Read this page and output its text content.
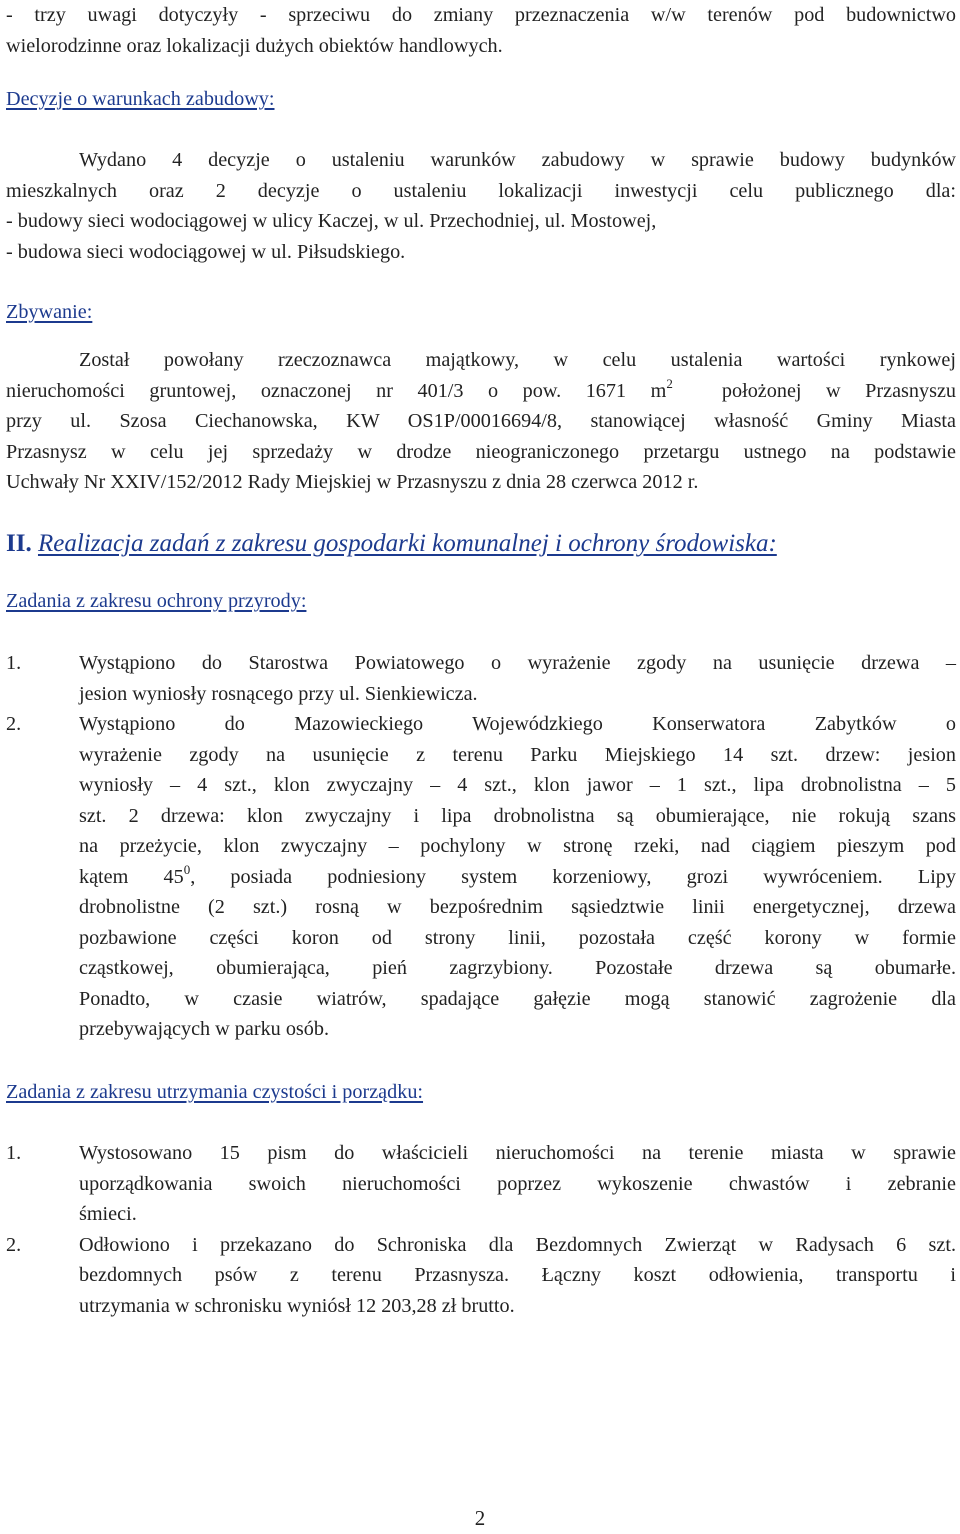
- trzy uwagi dotyczyły - sprzeciwu do zmiany przeznaczenia w/w terenów pod budownictwo
wielorodzinne oraz lokalizacji dużych obiektów handlowych.
Decyzje o warunkach zabudowy:
Wydano 4 decyzje o ustaleniu warunków zabudowy w sprawie budowy budynków
mieszkalnych oraz 2 decyzje o ustaleniu lokalizacji inwestycji celu publicznego dla:
- budowy sieci wodociągowej w ulicy Kaczej, w ul. Przechodniej, ul. Mostowej,
- budowa sieci wodociągowej w ul. Piłsudskiego.
Zbywanie:
Został powołany rzeczoznawca majątkowy, w celu ustalenia wartości rynkowej
nieruchomości gruntowej, oznaczonej nr 401/3 o pow. 1671 $m^2$ położonej w Przasnyszu
przy ul. Szosa Ciechanowska, KW OS1P/00016694/8, stanowiącej własność Gminy Miasta
Przasnysz w celu jej sprzedaży w drodze nieograniczonego przetargu ustnego na podstawie
Uchwały Nr XXIV/152/2012 Rady Miejskiej w Przasnyszu z dnia 28 czerwca 2012 r.
II. Realizacja zadań z zakresu gospodarki komunalnej i ochrony środowiska:
Zadania z zakresu ochrony przyrody:
1.	Wystąpiono do Starostwa Powiatowego o wyrażenie zgody na usunięcie drzewa –
jesion wyniosły rosnącego przy ul. Sienkiewicza.
2.	Wystąpiono do Mazowieckiego Wojewódzkiego Konserwatora Zabytków o
wyrażenie zgody na usunięcie z terenu Parku Miejskiego 14 szt. drzew: jesion
wyniosły – 4 szt., klon zwyczajny – 4 szt., klon jawor – 1 szt., lipa drobnolistna – 5
szt. 2 drzewa: klon zwyczajny i lipa drobnolistna są obumierające, nie rokują szans
na przeżycie, klon zwyczajny – pochylony w stronę rzeki, nad ciągiem pieszym pod
kątem $45^0$, posiada podniesiony system korzeniowy, grozi wywróceniem. Lipy
drobnolistne (2 szt.) rosną w bezpośrednim sąsiedztwie linii energetycznej, drzewa
pozbawione części koron od strony linii, pozostała część korony w formie
cząstkowej, obumierająca, pień zagrzybiony. Pozostałe drzewa są obumarłe.
Ponadto, w czasie wiatrów, spadające gałęzie mogą stanowić zagrożenie dla
przebywających w parku osób.
Zadania z zakresu utrzymania czystości i porządku:
1.	Wystosowano 15 pism do właścicieli nieruchomości na terenie miasta w sprawie
uporządkowania swoich nieruchomości poprzez wykoszenie chwastów i zebranie
śmieci.
2.	Odłowiono i przekazano do Schroniska dla Bezdomnych Zwierząt w Radysach 6 szt.
bezdomnych psów z terenu Przasnysza. Łączny koszt odłowienia, transportu i
utrzymania w schronisku wyniósł 12 203,28 zł brutto.
2
